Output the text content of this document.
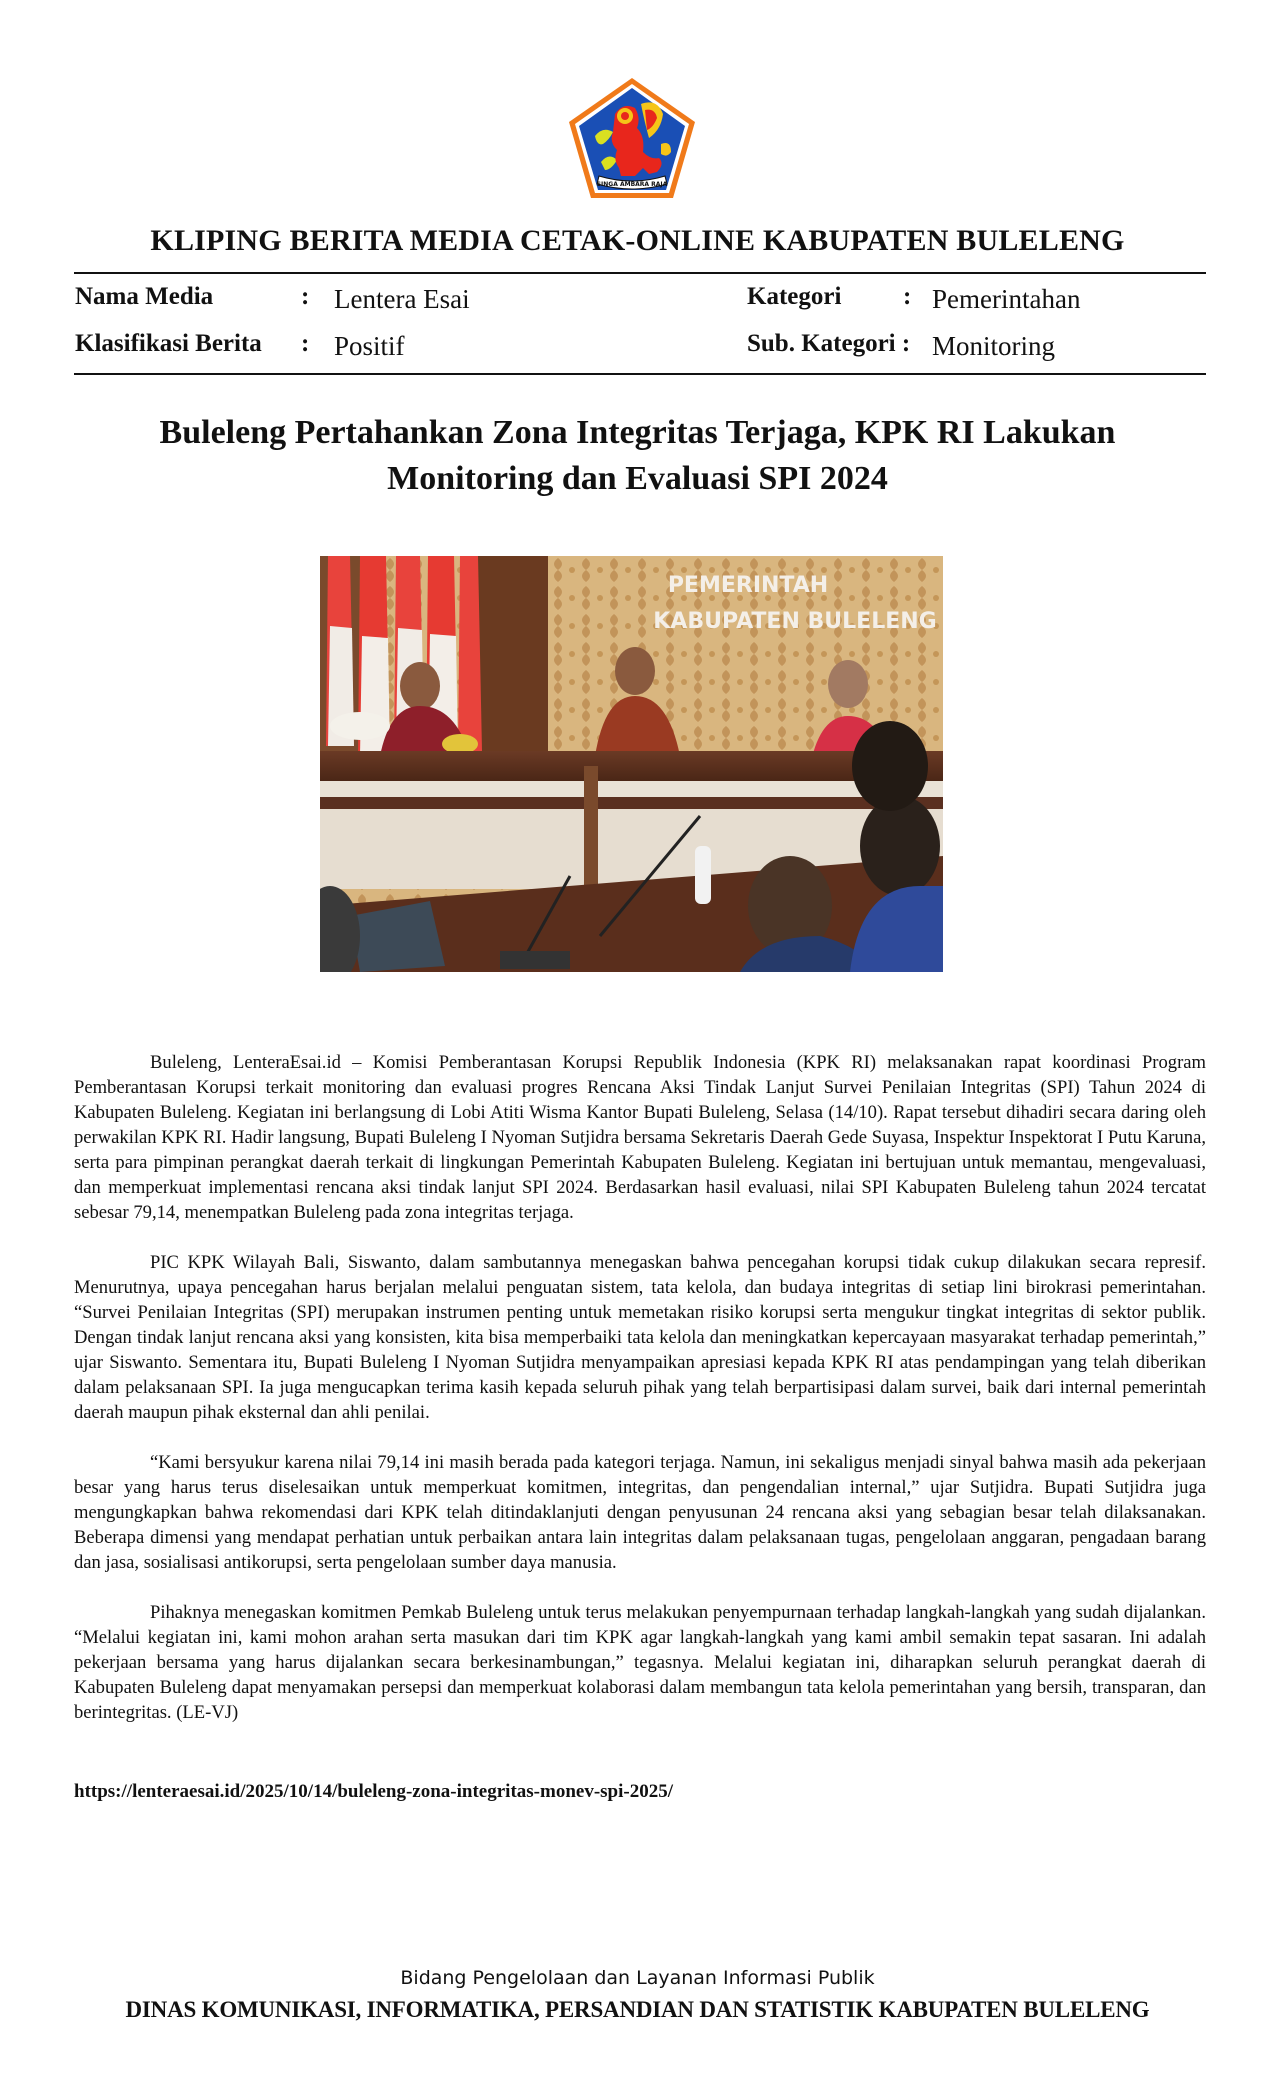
SINGA AMBARA RAJA
KLIPING BERITA MEDIA CETAK-ONLINE KABUPATEN BULELENG
Nama Media	: Lentera Esai
Klasifikasi Berita : Positif
Kategori : Pemerintahan
Sub. Kategori : Monitoring
Buleleng Pertahankan Zona Integritas Terjaga, KPK RI Lakukan
Monitoring dan Evaluasi SPI 2024
PEMERINTAH
KABUPATEN BULELENG

Buleleng, LenteraEsai.id – Komisi Pemberantasan Korupsi Republik Indonesia (KPK RI) melaksanakan rapat koordinasi Program Pemberantasan Korupsi terkait monitoring dan evaluasi progres Rencana Aksi Tindak Lanjut Survei Penilaian Integritas (SPI) Tahun 2024 di Kabupaten Buleleng. Kegiatan ini berlangsung di Lobi Atiti Wisma Kantor Bupati Buleleng, Selasa (14/10). Rapat tersebut dihadiri secara daring oleh perwakilan KPK RI. Hadir langsung, Bupati Buleleng I Nyoman Sutjidra bersama Sekretaris Daerah Gede Suyasa, Inspektur Inspektorat I Putu Karuna, serta para pimpinan perangkat daerah terkait di lingkungan Pemerintah Kabupaten Buleleng. Kegiatan ini bertujuan untuk memantau, mengevaluasi, dan memperkuat implementasi rencana aksi tindak lanjut SPI 2024. Berdasarkan hasil evaluasi, nilai SPI Kabupaten Buleleng tahun 2024 tercatat sebesar 79,14, menempatkan Buleleng pada zona integritas terjaga.

PIC KPK Wilayah Bali, Siswanto, dalam sambutannya menegaskan bahwa pencegahan korupsi tidak cukup dilakukan secara represif. Menurutnya, upaya pencegahan harus berjalan melalui penguatan sistem, tata kelola, dan budaya integritas di setiap lini birokrasi pemerintahan. “Survei Penilaian Integritas (SPI) merupakan instrumen penting untuk memetakan risiko korupsi serta mengukur tingkat integritas di sektor publik. Dengan tindak lanjut rencana aksi yang konsisten, kita bisa memperbaiki tata kelola dan meningkatkan kepercayaan masyarakat terhadap pemerintah,” ujar Siswanto. Sementara itu, Bupati Buleleng I Nyoman Sutjidra menyampaikan apresiasi kepada KPK RI atas pendampingan yang telah diberikan dalam pelaksanaan SPI. Ia juga mengucapkan terima kasih kepada seluruh pihak yang telah berpartisipasi dalam survei, baik dari internal pemerintah daerah maupun pihak eksternal dan ahli penilai.

“Kami bersyukur karena nilai 79,14 ini masih berada pada kategori terjaga. Namun, ini sekaligus menjadi sinyal bahwa masih ada pekerjaan besar yang harus terus diselesaikan untuk memperkuat komitmen, integritas, dan pengendalian internal,” ujar Sutjidra. Bupati Sutjidra juga mengungkapkan bahwa rekomendasi dari KPK telah ditindaklanjuti dengan penyusunan 24 rencana aksi yang sebagian besar telah dilaksanakan. Beberapa dimensi yang mendapat perhatian untuk perbaikan antara lain integritas dalam pelaksanaan tugas, pengelolaan anggaran, pengadaan barang dan jasa, sosialisasi antikorupsi, serta pengelolaan sumber daya manusia.

Pihaknya menegaskan komitmen Pemkab Buleleng untuk terus melakukan penyempurnaan terhadap langkah-langkah yang sudah dijalankan. “Melalui kegiatan ini, kami mohon arahan serta masukan dari tim KPK agar langkah-langkah yang kami ambil semakin tepat sasaran. Ini adalah pekerjaan bersama yang harus dijalankan secara berkesinambungan,” tegasnya. Melalui kegiatan ini, diharapkan seluruh perangkat daerah di Kabupaten Buleleng dapat menyamakan persepsi dan memperkuat kolaborasi dalam membangun tata kelola pemerintahan yang bersih, transparan, dan berintegritas. (LE-VJ)

https://lenteraesai.id/2025/10/14/buleleng-zona-integritas-monev-spi-2025/
Bidang Pengelolaan dan Layanan Informasi Publik
DINAS KOMUNIKASI, INFORMATIKA, PERSANDIAN DAN STATISTIK KABUPATEN BULELENG
